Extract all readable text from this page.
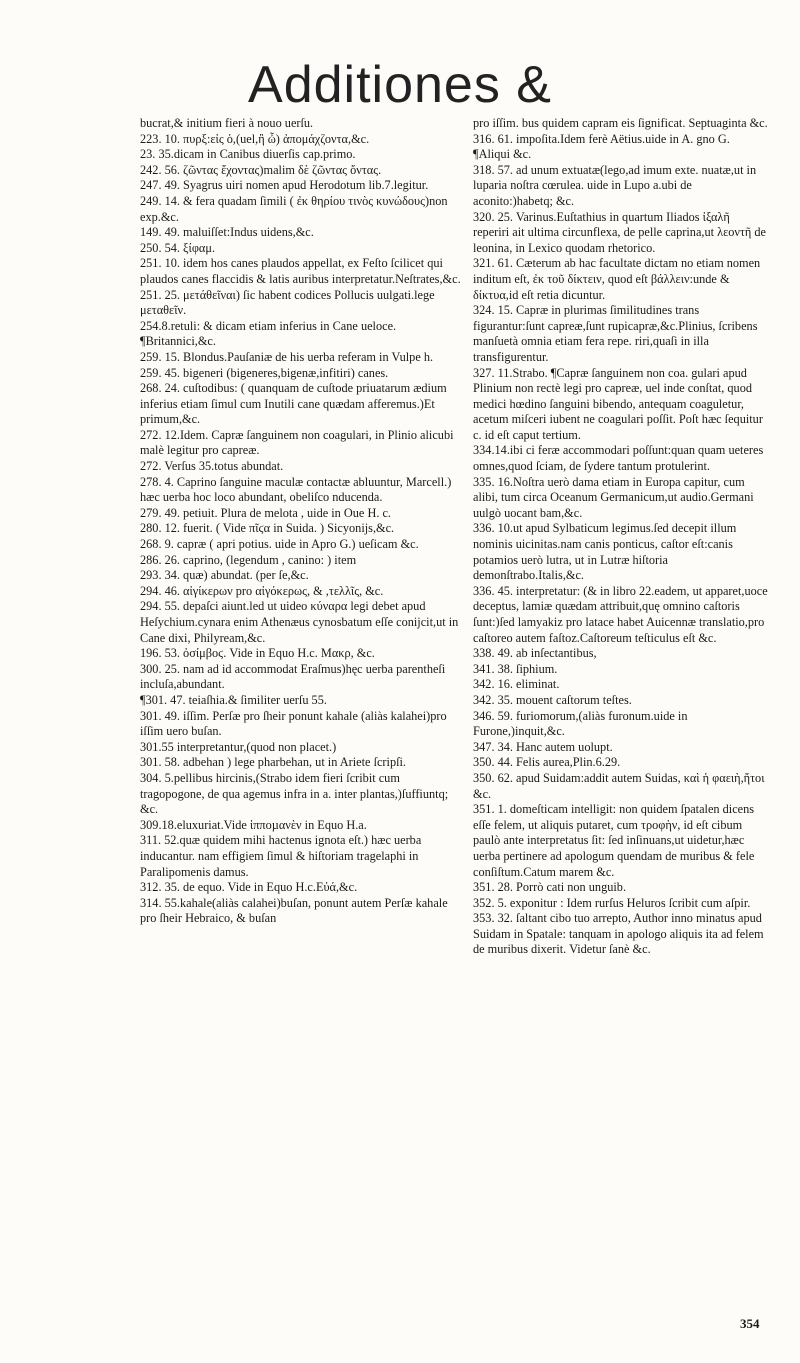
Additiones &
bucrat,& initium fieri à nouo uerſu.
223. 10. πυρξ:εἰς ὁ,(uel,ἢ ὦ) ἀπομάχζοντα,&c.
23. 35.dicam in Canibus diuerſis cap.primo.
242. 56. ζῶντας ἔχοντας)malim δὲ ζῶντας ὄντας.
247. 49. Syagrus uiri nomen apud Herodotum lib.7.legitur.
249. 14. & fera quadam ſimili ( ἐκ θηρίου τινὸς κυνώδους)non exp.&c.
149. 49. maluiſſet:Indus uidens,&c.
250. 54. ξίφαμ.
251. 10. idem hos canes plaudos appellat, ex Feſto ſcilicet qui plaudos canes flaccidis & latis auribus interpretatur.Neſtrates,&c.
251. 25. μετάθεῖναι) ſic habent codices Pollucis uulgati.lege μεταθεῖν.
254.8.retuli: & dicam etiam inferius in Cane ueloce. ¶Britannici,&c.
259. 15. Blondus.Pauſaniæ de his uerba referam in Vulpe h.
259. 45. bigeneri (bigeneres,bigenæ,infitiri) canes.
268. 24. cuſtodibus: ( quanquam de cuſtode priuatarum ædium inferius etiam ſimul cum Inutili cane quædam afferemus.)Et primum,&c.
272. 12.Idem. Capræ ſanguinem non coagulari, in Plinio alicubi malè legitur pro capreæ.
272. Verſus 35.totus abundat.
278. 4. Caprino ſanguine maculæ contactæ abluuntur, Marcell.) hæc uerba hoc loco abundant, obeliſco nducenda.
279. 49. petiuit. Plura de melota , uide in Oue H. c.
280. 12. fuerit. ( Vide πῖϛα in Suida. ) Sicyonijs,&c.
268. 9. capræ ( apri potius. uide in Apro G.) ueſicam &c.
286. 26. caprino, (legendum , canino: ) item
293. 34. quæ) abundat. (per ſe,&c.
294. 46. αἰγίκερων pro αἰγόκερως, & ,τελλῖς, &c.
294. 55. depaſci aiunt.led ut uideo κύναρα legi debet apud Heſychium.cynara enim Athenæus cynosbatum eſſe conijcit,ut in Cane dixi, Philyream,&c.
196. 53. ὀσίμβοϛ. Vide in Equo H.c. Μακρ, &c.
300. 25. nam ad id accommodat Eraſmus)hęc uerba parentheſi incluſa,abundant.
¶301. 47. teiaſhia.& ſimiliter uerſu 55.
301. 49. iſſim. Perſæ pro ſheir ponunt kahale (aliàs kalahei)pro iſſim uero buſan.
301.55 interpretantur,(quod non placet.)
301. 58. adbehan ) lege pharbehan, ut in Ariete ſcripſi.
304. 5.pellibus hircinis,(Strabo idem fieri ſcribit cum tragopogone, de qua agemus infra in a. inter plantas,)ſuffiuntq; &c.
309.18.eluxuriat.Vide ἱπποµανὲν in Equo H.a.
311. 52.quæ quidem mihi hactenus ignota eſt.) hæc uerba inducantur. nam effigiem ſimul & hiſtoriam tragelaphi in Paralipomenis damus.
312. 35. de equo. Vide in Equo H.c.Εὐά,&c.
314. 55.kahale(aliàs calahei)buſan, ponunt autem Perſæ kahale pro ſheir Hebraico, & buſan
pro iſſim. bus quidem capram eis ſignificat. Septuaginta &c.
316. 61. impoſita.Idem ferè Aëtius.uide in A. gno G. ¶Aliqui &c.
318. 57. ad unum extuatæ(lego,ad imum exte. nuatæ,ut in luparia noſtra cœrulea. uide in Lupo a.ubi de aconito:)habetq; &c.
320. 25. Varinus.Euſtathius in quartum Iliados ἰξαλῆ reperiri ait ultima circunflexa, de pelle caprina,ut λεοντῆ de leonina, in Lexico quodam rhetorico.
321. 61. Cæterum ab hac facultate dictam no etiam nomen inditum eſt, ἐκ τοῦ δίκτειν, quod eſt βάλλειν:unde & δίκτυα,id eſt retia dicuntur.
324. 15. Capræ in plurimas ſimilitudines trans figurantur:ſunt capreæ,ſunt rupicapræ,&c.Plinius, ſcribens manſuetà omnia etiam fera repe. riri,quaſi in illa transfigurentur.
327. 11.Strabo. ¶Capræ ſanguinem non coa. gulari apud Plinium non rectè legi pro capreæ, uel inde conſtat, quod medici hœdino ſanguini bibendo, antequam coaguletur, acetum miſceri iubent ne coagulari poſſit. Poſt hæc ſequitur c. id eſt caput tertium.
334.14.ibi ci feræ accommodari poſſunt:quan quam ueteres omnes,quod ſciam, de ſydere tantum protulerint.
335. 16.Noſtra uerò dama etiam in Europa capitur, cum alibi, tum circa Oceanum Germanicum,ut audio.Germani uulgò uocant bam,&c.
336. 10.ut apud Sylbaticum legimus.ſed decepit illum nominis uicinitas.nam canis ponticus, caſtor eſt:canis potamios uerò lutra, ut in Lutræ hiſtoria demonſtrabo.Italis,&c.
336. 45. interpretatur: (& in libro 22.eadem, ut apparet,uoce deceptus, lamiæ quædam attribuit,quę omnino caſtoris ſunt:)ſed lamyakiz pro latace habet Auicennæ translatio,pro caſtoreo autem faſtoz.Caſtoreum teſticulus eſt &c.
338. 49. ab inſectantibus,
341. 38. ſiphium.
342. 16. eliminat.
342. 35. mouent caſtorum teſtes.
346. 59. furiomorum,(aliàs furonum.uide in Furone,)inquit,&c.
347. 34. Hanc autem uolupt.
350. 44. Felis aurea,Plin.6.29.
350. 62. apud Suidam:addit autem Suidas, καὶ ἡ φαειὴ,ἤτοι &c.
351. 1. domeſticam intelligit: non quidem ſpatalen dicens eſſe felem, ut aliquis putaret, cum τροφὴν, id eſt cibum paulò ante interpretatus ſit: ſed inſinuans,ut uidetur,hæc uerba pertinere ad apologum quendam de muribus & fele conſiſtum.Catum marem &c.
351. 28. Porrò cati non unguib.
352. 5. exponitur : Idem rurſus Heluros ſcribit cum aſpir.
353. 32. ſaltant cibo tuo arrepto, Author inno minatus apud Suidam in Spatale: tanquam in apologo aliquis ita ad felem de muribus dixerit. Videtur ſanè &c.
354
